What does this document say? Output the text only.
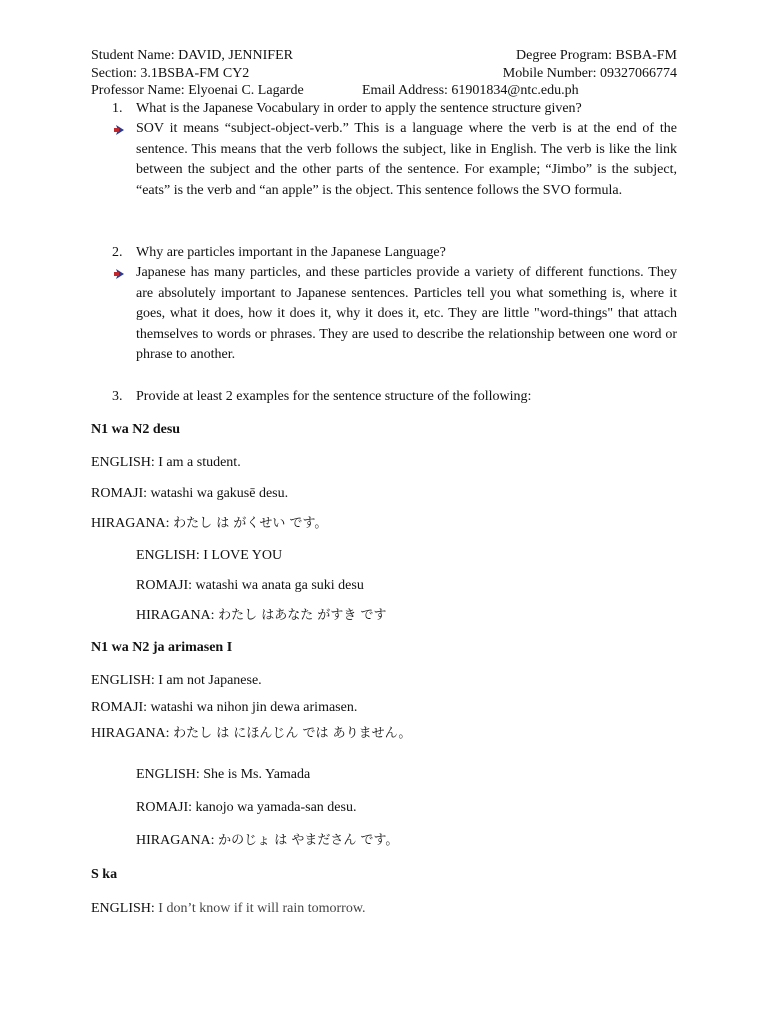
Student Name: DAVID, JENNIFER	Degree Program: BSBA-FM
Section: 3.1BSBA-FM CY2	Mobile Number: 09327066774
Professor Name: Elyoenai C. Lagarde	Email Address: 61901834@ntc.edu.ph
1. What is the Japanese Vocabulary in order to apply the sentence structure given?
SOV it means “subject-object-verb.” This is a language where the verb is at the end of the sentence. This means that the verb follows the subject, like in English. The verb is like the link between the subject and the other parts of the sentence. For example; “Jimbo” is the subject, “eats” is the verb and “an apple” is the object. This sentence follows the SVO formula.
2. Why are particles important in the Japanese Language?
Japanese has many particles, and these particles provide a variety of different functions. They are absolutely important to Japanese sentences. Particles tell you what something is, where it goes, what it does, how it does it, why it does it, etc. They are little "word-things" that attach themselves to words or phrases. They are used to describe the relationship between one word or phrase to another.
3. Provide at least 2 examples for the sentence structure of the following:
N1 wa N2 desu
ENGLISH: I am a student.
ROMAJI: watashi wa gakusē desu.
HIRAGANA: わたし は がくせい です。
ENGLISH: I LOVE YOU
ROMAJI: watashi wa anata ga suki desu
HIRAGANA: わたし はあなた がすき です
N1 wa N2 ja arimasen I
ENGLISH: I am not Japanese.
ROMAJI: watashi wa nihon jin dewa arimasen.
HIRAGANA: わたし は にほんじん では ありません。
ENGLISH: She is Ms. Yamada
ROMAJI: kanojo wa yamada-san desu.
HIRAGANA: かのじょ は やまださん です。
S ka
ENGLISH: I don’t know if it will rain tomorrow.
